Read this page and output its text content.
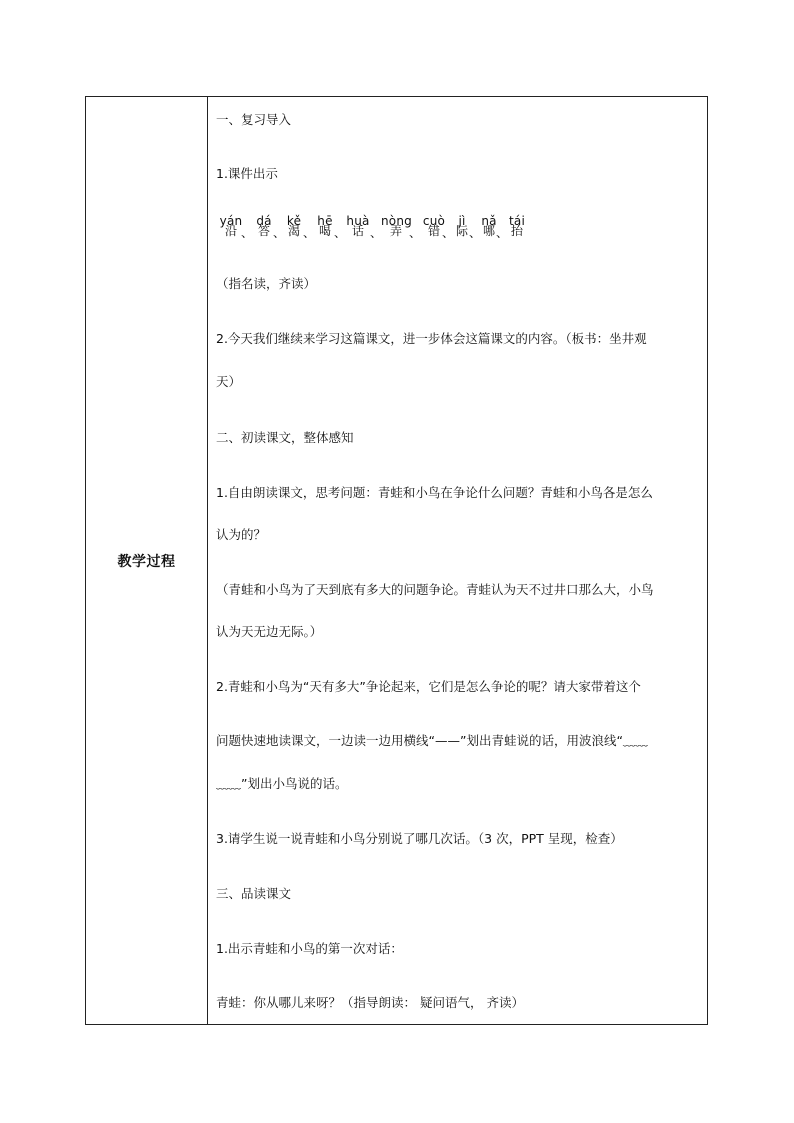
教学过程
一、复习导入
1.课件出示
yán
沿 、
dá
答 、
kě
渴 、
hē
喝 、
huà
话 、
nòng
弄 、
cuò
错 、
jì
际 、
nǎ
哪 、
tái
抬
（指名读，齐读）
2.今天我们继续来学习这篇课文，进一步体会这篇课文的内容。（板书：坐井观
天）
二、初读课文，整体感知
1.自由朗读课文，思考问题：青蛙和小鸟在争论什么问题？青蛙和小鸟各是怎么
认为的？
（青蛙和小鸟为了天到底有多大的问题争论。青蛙认为天不过井口那么大，小鸟
认为天无边无际。）
2.青蛙和小鸟为“天有多大”争论起来，它们是怎么争论的呢？请大家带着这个
问题快速地读课文，一边读一边用横线“——”划出青蛙说的话，用波浪线“﹏﹏
﹏﹏”划出小鸟说的话。
3.请学生说一说青蛙和小鸟分别说了哪几次话。（3 次，PPT 呈现，检查）
三、品读课文
1.出示青蛙和小鸟的第一次对话：
青蛙：你从哪儿来呀？（指导朗读： 疑问语气， 齐读）
